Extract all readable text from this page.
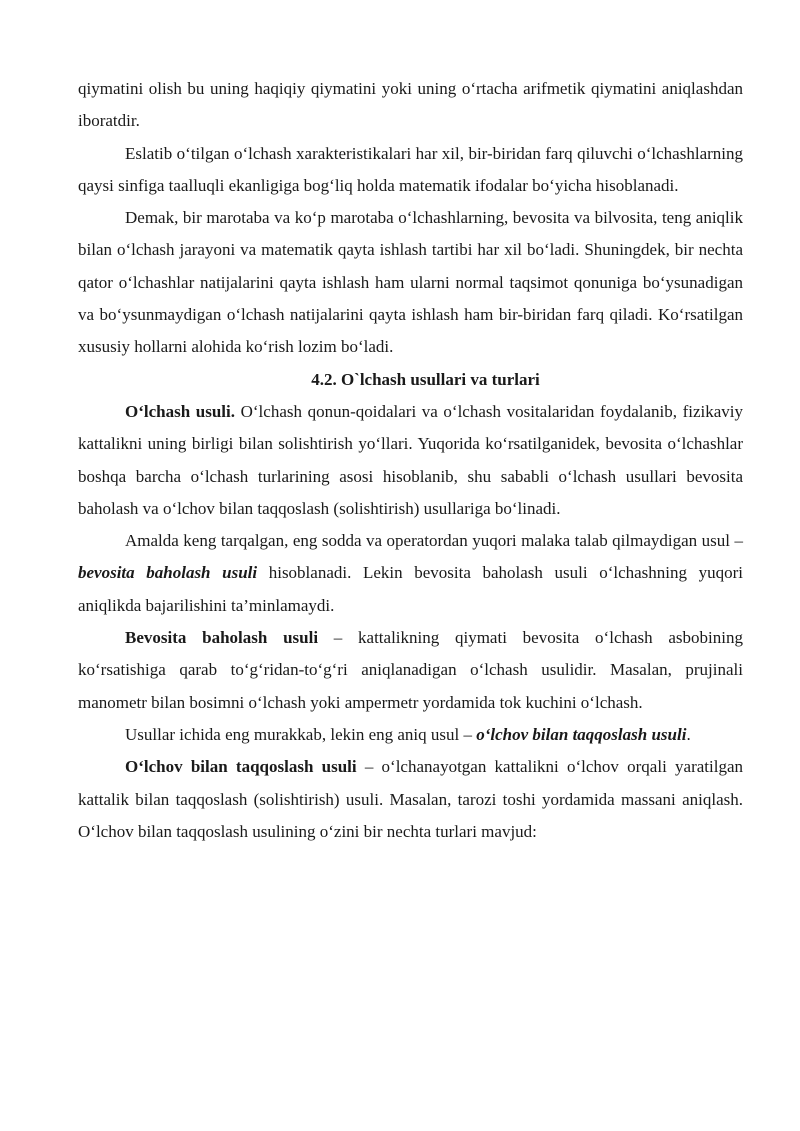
qiymatini olish bu uning haqiqiy qiymatini yoki uning o‘rtacha arifmetik qiymatini aniqlashdan iboratdir.

Eslatib o‘tilgan o‘lchash xarakteristikalari har xil, bir-biridan farq qiluvchi o‘lchashlarning qaysi sinfiga taalluqli ekanligiga bog‘liq holda matematik ifodalar bo‘yicha hisoblanadi.

Demak, bir marotaba va ko‘p marotaba o‘lchashlarning, bevosita va bilvosita, teng aniqlik bilan o‘lchash jarayoni va matematik qayta ishlash tartibi har xil bo‘ladi. Shuningdek, bir nechta qator o‘lchashlar natijalarini qayta ishlash ham ularni normal taqsimot qonuniga bo‘ysunadigan va bo‘ysunmaydigan o‘lchash natijalarini qayta ishlash ham bir-biridan farq qiladi. Ko‘rsatilgan xususiy hollarni alohida ko‘rish lozim bo‘ladi.

4.2. O`lchash usullari va turlari

O‘lchash usuli. O‘lchash qonun-qoidalari va o‘lchash vositalaridan foydalanib, fizikaviy kattalikni uning birligi bilan solishtirish yo‘llari. Yuqorida ko‘rsatilganidek, bevosita o‘lchashlar boshqa barcha o‘lchash turlarining asosi hisoblanib, shu sababli o‘lchash usullari bevosita baholash va o‘lchov bilan taqqoslash (solishtirish) usullariga bo‘linadi.

Amalda keng tarqalgan, eng sodda va operatordan yuqori malaka talab qilmaydigan usul – bevosita baholash usuli hisoblanadi. Lekin bevosita baholash usuli o‘lchashning yuqori aniqlikda bajarilishini ta’minlamaydi.

Bevosita baholash usuli – kattalikning qiymati bevosita o‘lchash asbobining ko‘rsatishiga qarab to‘g‘ridan-to‘g‘ri aniqlanadigan o‘lchash usulidir. Masalan, prujinali manometr bilan bosimni o‘lchash yoki ampermetr yordamida tok kuchini o‘lchash.

Usullar ichida eng murakkab, lekin eng aniq usul – o‘lchov bilan taqqoslash usuli.

O‘lchov bilan taqqoslash usuli – o‘lchanayotgan kattalikni o‘lchov orqali yaratilgan kattalik bilan taqqoslash (solishtirish) usuli. Masalan, tarozi toshi yordamida massani aniqlash. O‘lchov bilan taqqoslash usulining o‘zini bir nechta turlari mavjud:
